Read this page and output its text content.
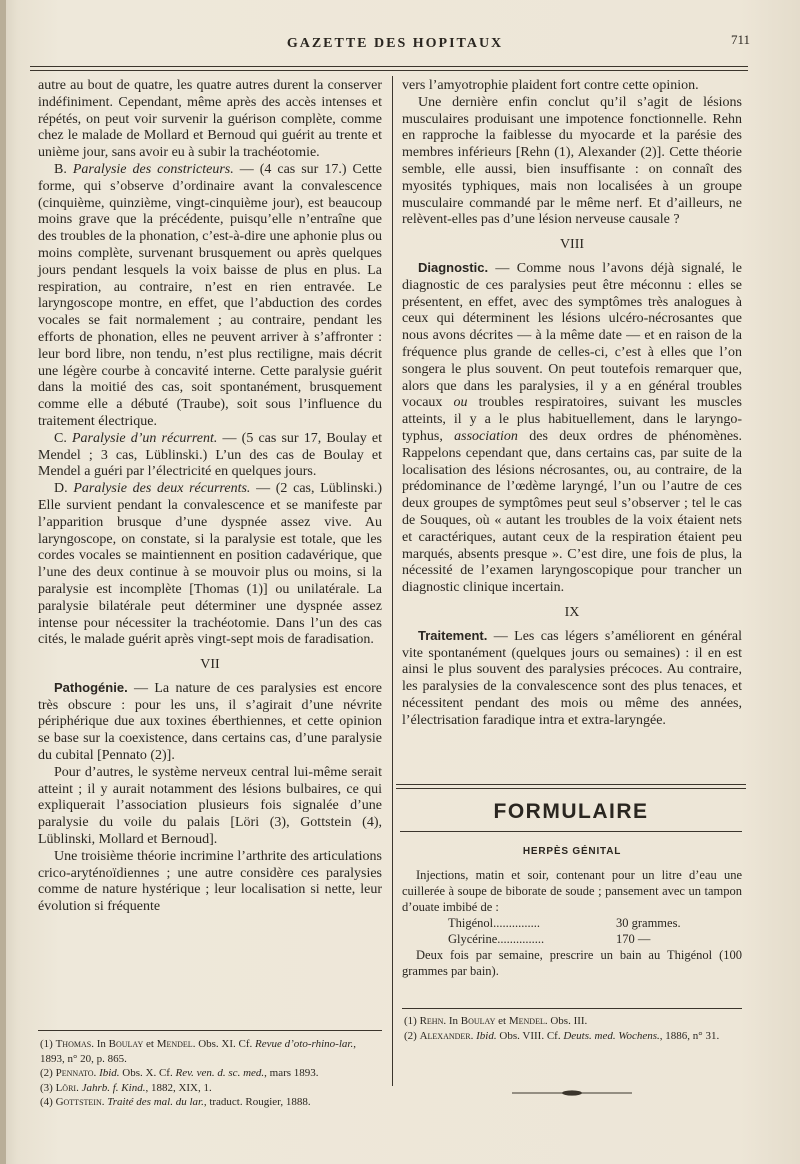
GAZETTE DES HOPITAUX	711

autre au bout de quatre, les quatre autres durent la conserver indéfiniment. Cependant, même après des accès intenses et répétés, on peut voir survenir la guérison complète, comme chez le malade de Mollard et Bernoud qui guérit au trente et unième jour, sans avoir eu à subir la trachéotomie.

B. Paralysie des constricteurs. — (4 cas sur 17.) Cette forme, qui s’observe d’ordinaire avant la convalescence (cinquième, quinzième, vingt-cinquième jour), est beaucoup moins grave que la précédente, puisqu’elle n’entraîne que des troubles de la phonation, c’est-à-dire une aphonie plus ou moins complète, survenant brusquement ou après quelques jours pendant lesquels la voix baisse de plus en plus. La respiration, au contraire, n’est en rien entravée. Le laryngoscope montre, en effet, que l’abduction des cordes vocales se fait normalement ; au contraire, pendant les efforts de phonation, elles ne peuvent arriver à s’affronter : leur bord libre, non tendu, n’est plus rectiligne, mais décrit une légère courbe à concavité interne. Cette paralysie guérit dans la moitié des cas, soit spontanément, brusquement comme elle a débuté (Traube), soit sous l’influence du traitement électrique.

C. Paralysie d’un récurrent. — (5 cas sur 17, Boulay et Mendel ; 3 cas, Lüblinski.) L’un des cas de Boulay et Mendel a guéri par l’électricité en quelques jours.

D. Paralysie des deux récurrents. — (2 cas, Lüblinski.) Elle survient pendant la convalescence et se manifeste par l’apparition brusque d’une dyspnée assez vive. Au laryngoscope, on constate, si la paralysie est totale, que les cordes vocales se maintiennent en position cadavérique, que l’une des deux continue à se mouvoir plus ou moins, si la paralysie est incomplète [Thomas (1)] ou unilatérale. La paralysie bilatérale peut déterminer une dyspnée assez intense pour nécessiter la trachéotomie. Dans l’un des cas cités, le malade guérit après vingt-sept mois de faradisation.

VII

Pathogénie. — La nature de ces paralysies est encore très obscure : pour les uns, il s’agirait d’une névrite périphérique due aux toxines éberthiennes, et cette opinion se base sur la coexistence, dans certains cas, d’une paralysie du cubital [Pennato (2)].

Pour d’autres, le système nerveux central lui-même serait atteint ; il y aurait notamment des lésions bulbaires, ce qui expliquerait l’association plusieurs fois signalée d’une paralysie du voile du palais [Löri (3), Gottstein (4), Lüblinski, Mollard et Bernoud].

Une troisième théorie incrimine l’arthrite des articulations crico-aryténoïdiennes ; une autre considère ces paralysies comme de nature hystérique ; leur localisation si nette, leur évolution si fréquente

(1) Thomas. In Boulay et Mendel. Obs. XI. Cf. Revue d’oto-rhino-lar., 1893, n° 20, p. 865.
(2) Pennato. Ibid. Obs. X. Cf. Rev. ven. d. sc. med., mars 1893.
(3) Löri. Jahrb. f. Kind., 1882, XIX, 1.
(4) Gottstein. Traité des mal. du lar., traduct. Rougier, 1888.

vers l’amyotrophie plaident fort contre cette opinion.

Une dernière enfin conclut qu’il s’agit de lésions musculaires produisant une impotence fonctionnelle. Rehn en rapproche la faiblesse du myocarde et la parésie des membres inférieurs [Rehn (1), Alexander (2)]. Cette théorie semble, elle aussi, bien insuffisante : on connaît des myosités typhiques, mais non localisées à un groupe musculaire commandé par le même nerf. Et d’ailleurs, ne relèvent-elles pas d’une lésion nerveuse causale ?

VIII

Diagnostic. — Comme nous l’avons déjà signalé, le diagnostic de ces paralysies peut être méconnu : elles se présentent, en effet, avec des symptômes très analogues à ceux qui déterminent les lésions ulcéro-nécrosantes que nous avons décrites — à la même date — et en raison de la fréquence plus grande de celles-ci, c’est à elles que l’on songera le plus souvent. On peut toutefois remarquer que, alors que dans les paralysies, il y a en général troubles vocaux ou troubles respiratoires, suivant les muscles atteints, il y a le plus habituellement, dans le laryngo-typhus, association des deux ordres de phénomènes. Rappelons cependant que, dans certains cas, par suite de la localisation des lésions nécrosantes, ou, au contraire, de la prédominance de l’œdème laryngé, l’un ou l’autre de ces deux groupes de symptômes peut seul s’observer ; tel le cas de Souques, où « autant les troubles de la voix étaient nets et caractériques, autant ceux de la respiration étaient peu marqués, absents presque ». C’est dire, une fois de plus, la nécessité de l’examen laryngoscopique pour trancher un diagnostic clinique incertain.

IX

Traitement. — Les cas légers s’améliorent en général vite spontanément (quelques jours ou semaines) : il en est ainsi le plus souvent des paralysies précoces. Au contraire, les paralysies de la convalescence sont des plus tenaces, et nécessitent pendant des mois ou même des années, l’électrisation faradique intra et extra-laryngée.

FORMULAIRE
HERPÈS GÉNITAL

Injections, matin et soir, contenant pour un litre d’eau une cuillerée à soupe de biborate de soude ; pansement avec un tampon d’ouate imbibé de :

Thigénol...............	30 grammes.
Glycérine...............	170 —

Deux fois par semaine, prescrire un bain au Thigénol (100 grammes par bain).

(1) Rehn. In Boulay et Mendel. Obs. III.
(2) Alexander. Ibid. Obs. VIII. Cf. Deuts. med. Wochens., 1886, n° 31.
